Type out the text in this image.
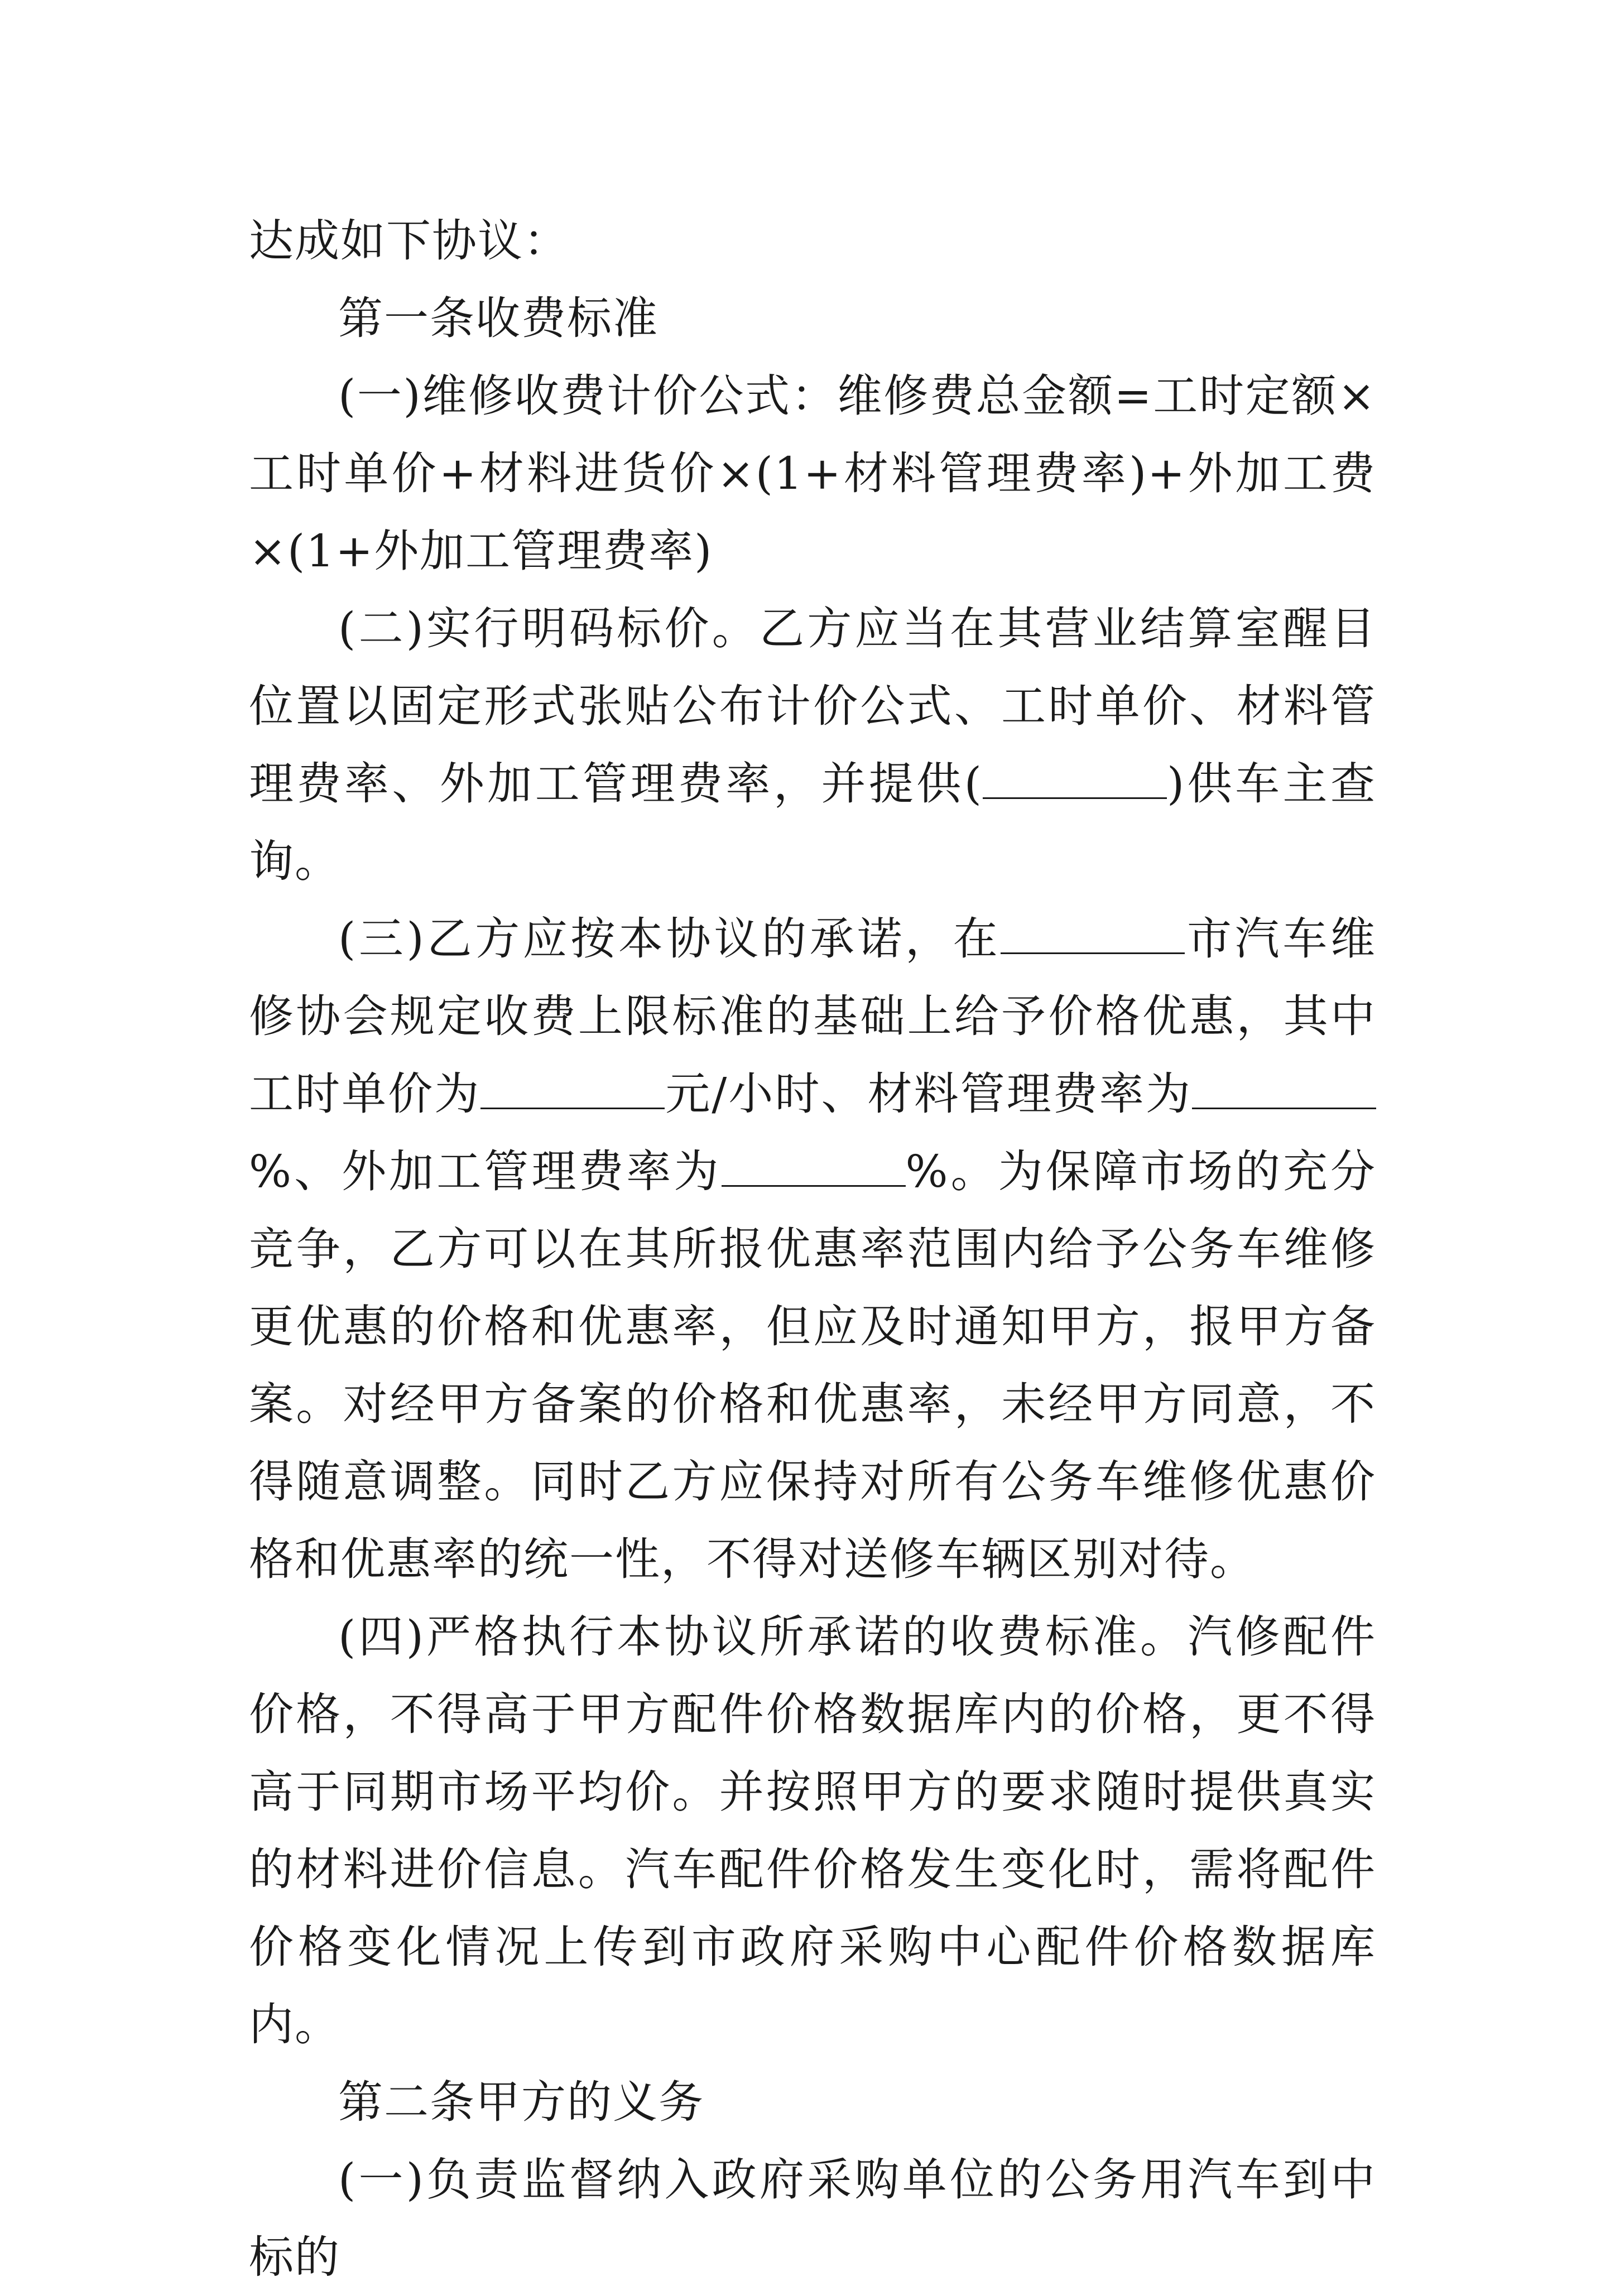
达成如下协议：

第一条收费标准

(一)维修收费计价公式：维修费总金额=工时定额×工时单价+材料进货价×(1+材料管理费率)+外加工费×(1+外加工管理费率)

(二)实行明码标价。乙方应当在其营业结算室醒目位置以固定形式张贴公布计价公式、工时单价、材料管理费率、外加工管理费率，并提供(	)供车主查询。

(三)乙方应按本协议的承诺，在	市汽车维修协会规定收费上限标准的基础上给予价格优惠，其中工时单价为	元/小时、材料管理费率为%、外加工管理费率为	%。为保障市场的充分竞争，乙方可以在其所报优惠率范围内给予公务车维修更优惠的价格和优惠率，但应及时通知甲方，报甲方备案。对经甲方备案的价格和优惠率，未经甲方同意，不得随意调整。同时乙方应保持对所有公务车维修优惠价格和优惠率的统一性，不得对送修车辆区别对待。

(四)严格执行本协议所承诺的收费标准。汽修配件价格，不得高于甲方配件价格数据库内的价格，更不得高于同期市场平均价。并按照甲方的要求随时提供真实的材料进价信息。汽车配件价格发生变化时，需将配件价格变化情况上传到市政府采购中心配件价格数据库内。

第二条甲方的义务

(一)负责监督纳入政府采购单位的公务用汽车到中标的
